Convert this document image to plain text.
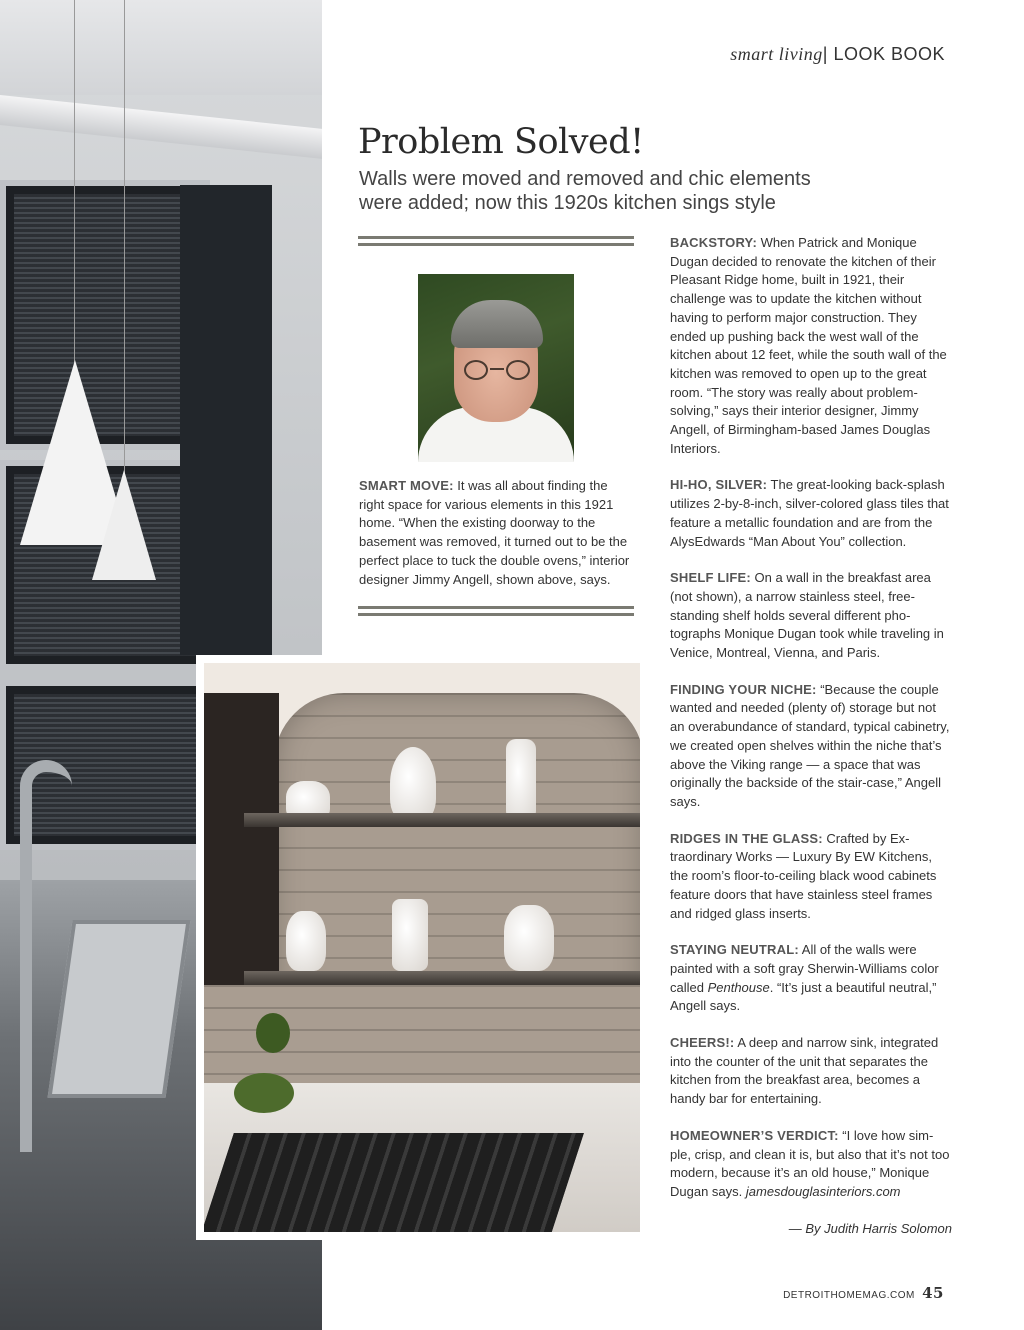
smart living| LOOK BOOK
Problem Solved!

Walls were moved and removed and chic elements were added; now this 1920s kitchen sings style

SMART MOVE: It was all about finding the right space for various elements in this 1921 home. “When the existing doorway to the basement was removed, it turned out to be the perfect place to tuck the double ovens,” interior designer Jimmy Angell, shown above, says.

BACKSTORY: When Patrick and Monique Dugan decided to renovate the kitchen of their Pleasant Ridge home, built in 1921, their challenge was to update the kitchen without having to perform major construction. They ended up pushing back the west wall of the kitchen about 12 feet, while the south wall of the kitchen was removed to open up to the great room. “The story was really about problem-solving,” says their interior designer, Jimmy Angell, of Birmingham-based James Douglas Interiors.

HI-HO, SILVER: The great-looking back-splash utilizes 2-by-8-inch, silver-colored glass tiles that feature a metallic foundation and are from the AlysEdwards “Man About You” collection.

SHELF LIFE: On a wall in the breakfast area (not shown), a narrow stainless steel, free-standing shelf holds several different pho-tographs Monique Dugan took while traveling in Venice, Montreal, Vienna, and Paris.

FINDING YOUR NICHE: “Because the couple wanted and needed (plenty of) storage but not an overabundance of standard, typical cabinetry, we created open shelves within the niche that’s above the Viking range — a space that was originally the backside of the stair-case,” Angell says.

RIDGES IN THE GLASS: Crafted by Ex-traordinary Works — Luxury By EW Kitchens, the room’s floor-to-ceiling black wood cabinets feature doors that have stainless steel frames and ridged glass inserts.

STAYING NEUTRAL: All of the walls were painted with a soft gray Sherwin-Williams color called Penthouse. “It’s just a beautiful neutral,” Angell says.

CHEERS!: A deep and narrow sink, integrated into the counter of the unit that separates the kitchen from the breakfast area, becomes a handy bar for entertaining.

HOMEOWNER’S VERDICT: “I love how sim-ple, crisp, and clean it is, but also that it’s not too modern, because it’s an old house,” Monique Dugan says. jamesdouglasinteriors.com

— By Judith Harris Solomon

DETROITHOMEMAG.COM 45
